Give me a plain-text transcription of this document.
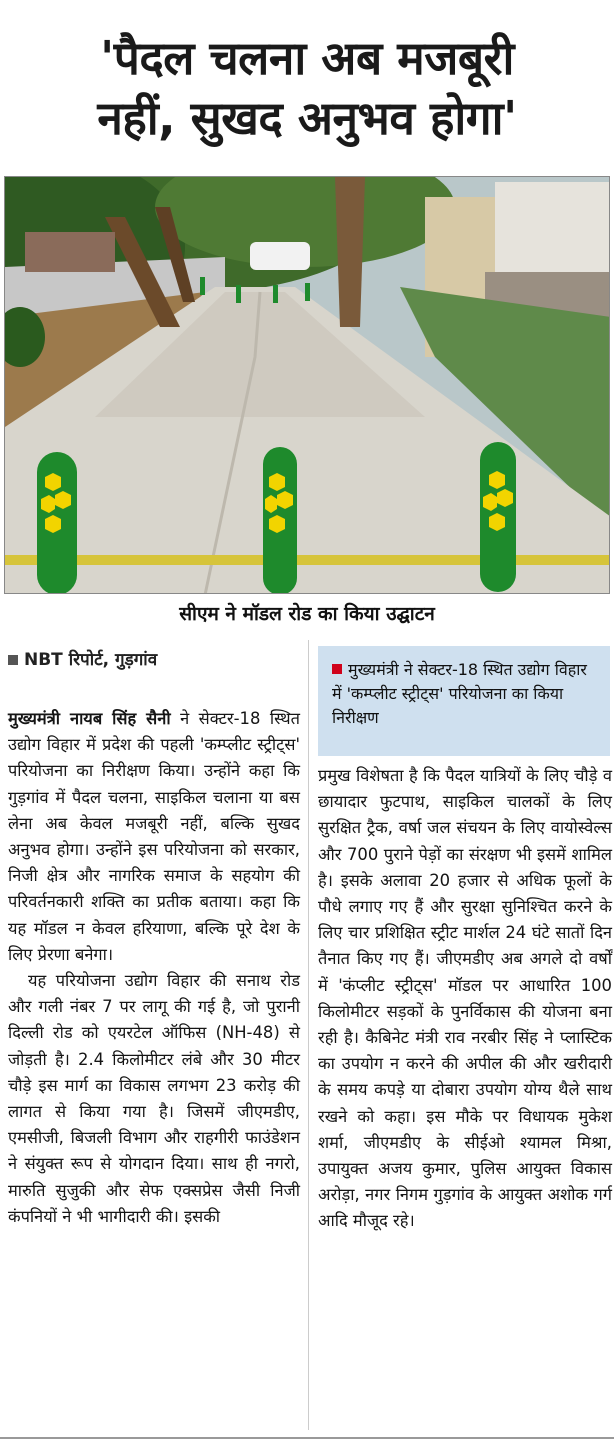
'पैदल चलना अब मजबूरी
नहीं, सुखद अनुभव होगा'
सीएम ने मॉडल रोड का किया उद्घाटन
NBT रिपोर्ट, गुड़गांव	मुख्यमंत्री ने सेक्टर-18 स्थित उद्योग विहार में 'कम्प्लीट स्ट्रीट्स' परियोजना का किया निरीक्षण

मुख्यमंत्री नायब सिंह सैनी ने सेक्टर-18 स्थित उद्योग विहार में प्रदेश की पहली 'कम्प्लीट स्ट्रीट्स' परियोजना का निरीक्षण किया। उन्होंने कहा कि गुड़गांव में पैदल चलना, साइकिल चलाना या बस लेना अब केवल मजबूरी नहीं, बल्कि सुखद अनुभव होगा। उन्होंने इस परियोजना को सरकार, निजी क्षेत्र और नागरिक समाज के सहयोग की परिवर्तनकारी शक्ति का प्रतीक बताया। कहा कि यह मॉडल न केवल हरियाणा, बल्कि पूरे देश के लिए प्रेरणा बनेगा।

यह परियोजना उद्योग विहार की सनाथ रोड और गली नंबर 7 पर लागू की गई है, जो पुरानी दिल्ली रोड को एयरटेल ऑफिस (NH-48) से जोड़ती है। 2.4 किलोमीटर लंबे और 30 मीटर चौड़े इस मार्ग का विकास लगभग 23 करोड़ की लागत से किया गया है। जिसमें जीएमडीए, एमसीजी, बिजली विभाग और राहगीरी फाउंडेशन ने संयुक्त रूप से योगदान दिया। साथ ही नगरो, मारुति सुजुकी और सेफ एक्सप्रेस जैसी निजी कंपनियों ने भी भागीदारी की। इसकी

प्रमुख विशेषता है कि पैदल यात्रियों के लिए चौड़े व छायादार फुटपाथ, साइकिल चालकों के लिए सुरक्षित ट्रैक, वर्षा जल संचयन के लिए वायोस्वेल्स और 700 पुराने पेड़ों का संरक्षण भी इसमें शामिल है। इसके अलावा 20 हजार से अधिक फूलों के पौधे लगाए गए हैं और सुरक्षा सुनिश्चित करने के लिए चार प्रशिक्षित स्ट्रीट मार्शल 24 घंटे सातों दिन तैनात किए गए हैं। जीएमडीए अब अगले दो वर्षों में 'कंप्लीट स्ट्रीट्स' मॉडल पर आधारित 100 किलोमीटर सड़कों के पुनर्विकास की योजना बना रही है। कैबिनेट मंत्री राव नरबीर सिंह ने प्लास्टिक का उपयोग न करने की अपील की और खरीदारी के समय कपड़े या दोबारा उपयोग योग्य थैले साथ रखने को कहा। इस मौके पर विधायक मुकेश शर्मा, जीएमडीए के सीईओ श्यामल मिश्रा, उपायुक्त अजय कुमार, पुलिस आयुक्त विकास अरोड़ा, नगर निगम गुड़गांव के आयुक्त अशोक गर्ग आदि मौजूद रहे।
